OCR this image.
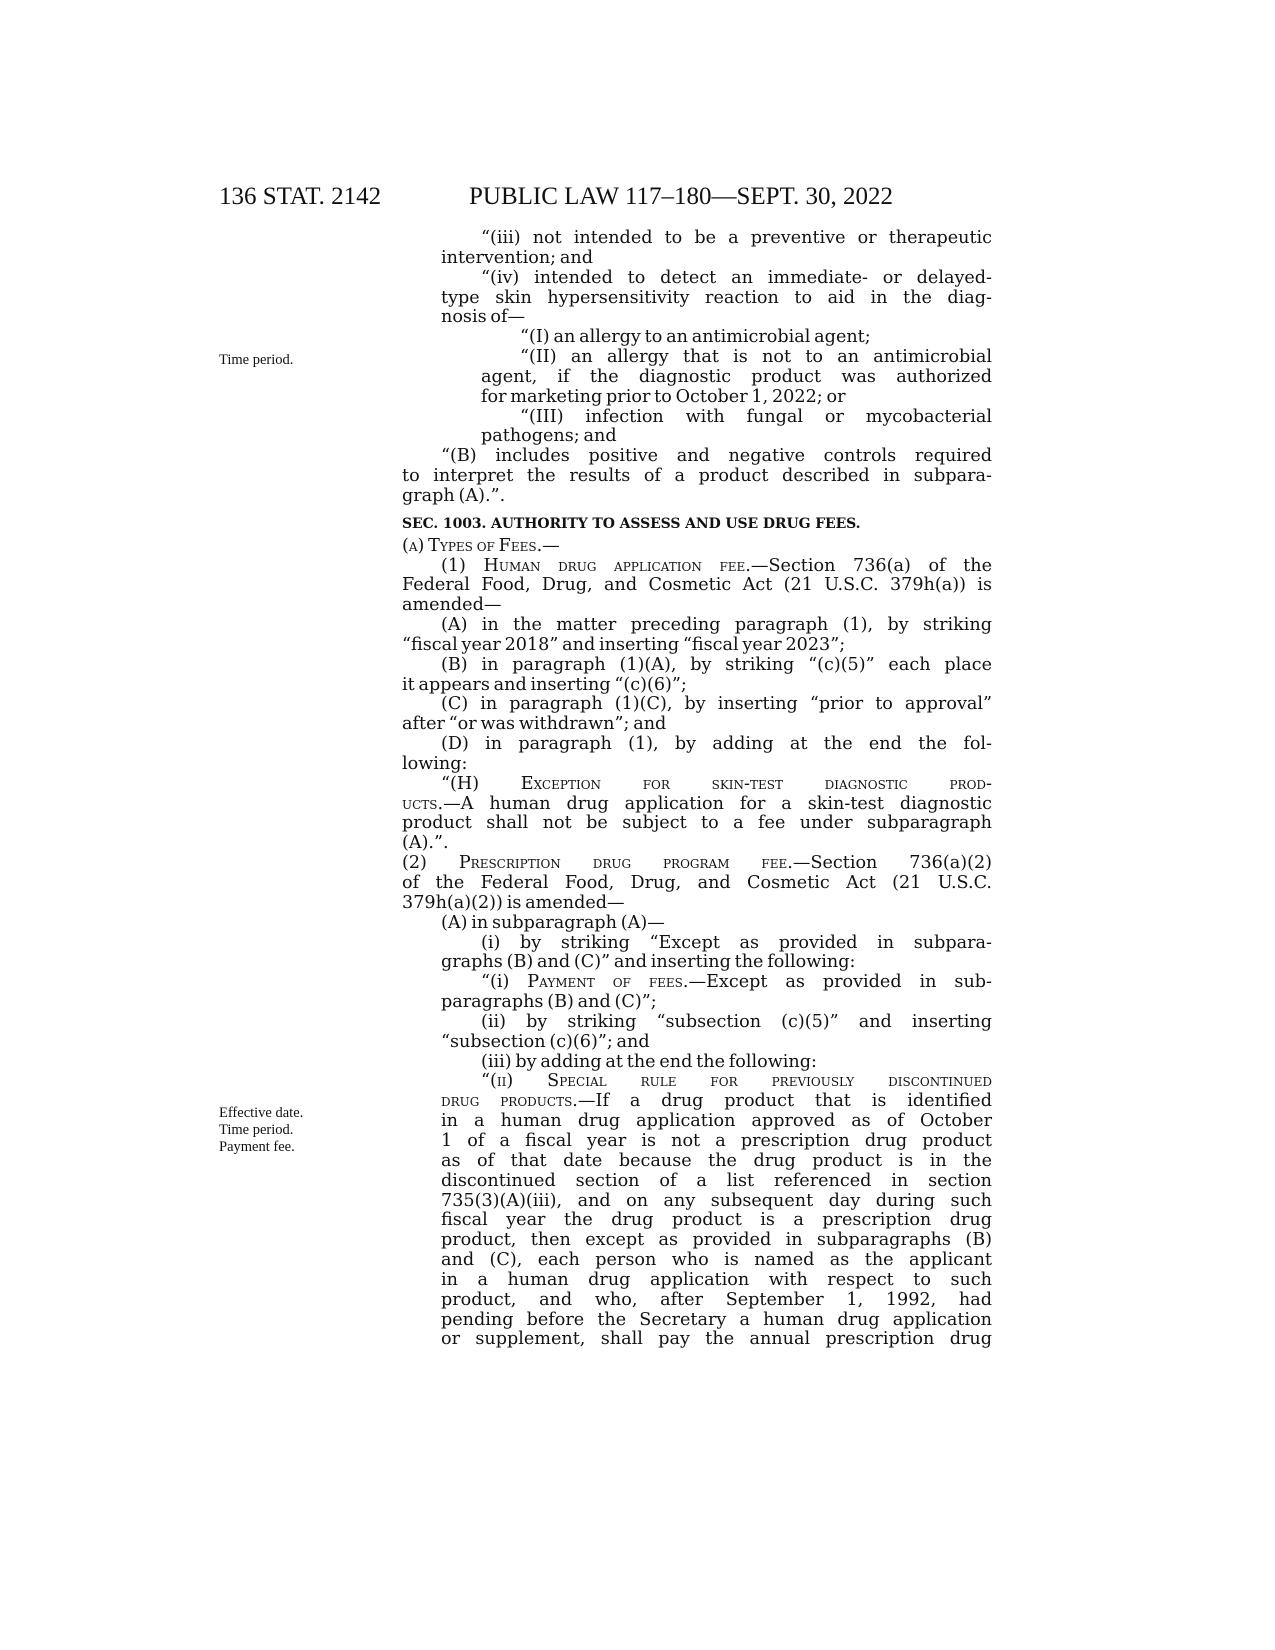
136 STAT. 2142	PUBLIC LAW 117–180—SEPT. 30, 2022
Time period.
Effective date.
Time period.
Payment fee.
“(iii) not intended to be a preventive or therapeutic
intervention; and
“(iv) intended to detect an immediate- or delayed-
type skin hypersensitivity reaction to aid in the diag-
nosis of—
“(I) an allergy to an antimicrobial agent;
“(II) an allergy that is not to an antimicrobial
agent, if the diagnostic product was authorized
for marketing prior to October 1, 2022; or
“(III) infection with fungal or mycobacterial
pathogens; and
“(B) includes positive and negative controls required
to interpret the results of a product described in subpara-
graph (A).”.
SEC. 1003. AUTHORITY TO ASSESS AND USE DRUG FEES.
(a) Types of Fees.—
(1) Human drug application fee.—Section 736(a) of the
Federal Food, Drug, and Cosmetic Act (21 U.S.C. 379h(a)) is
amended—
(A) in the matter preceding paragraph (1), by striking
“fiscal year 2018” and inserting “fiscal year 2023”;
(B) in paragraph (1)(A), by striking “(c)(5)” each place
it appears and inserting “(c)(6)”;
(C) in paragraph (1)(C), by inserting “prior to approval”
after “or was withdrawn”; and
(D) in paragraph (1), by adding at the end the fol-
lowing:
“(H) Exception for skin-test diagnostic prod-
ucts.—A human drug application for a skin-test diagnostic
product shall not be subject to a fee under subparagraph
(A).”.
(2) Prescription drug program fee.—Section 736(a)(2)
of the Federal Food, Drug, and Cosmetic Act (21 U.S.C.
379h(a)(2)) is amended—
(A) in subparagraph (A)—
(i) by striking “Except as provided in subpara-
graphs (B) and (C)” and inserting the following:
“(i) Payment of fees.—Except as provided in sub-
paragraphs (B) and (C)”;
(ii) by striking “subsection (c)(5)” and inserting
“subsection (c)(6)”; and
(iii) by adding at the end the following:
“(ii) Special rule for previously discontinued
drug products.—If a drug product that is identified
in a human drug application approved as of October
1 of a fiscal year is not a prescription drug product
as of that date because the drug product is in the
discontinued section of a list referenced in section
735(3)(A)(iii), and on any subsequent day during such
fiscal year the drug product is a prescription drug
product, then except as provided in subparagraphs (B)
and (C), each person who is named as the applicant
in a human drug application with respect to such
product, and who, after September 1, 1992, had
pending before the Secretary a human drug application
or supplement, shall pay the annual prescription drug
